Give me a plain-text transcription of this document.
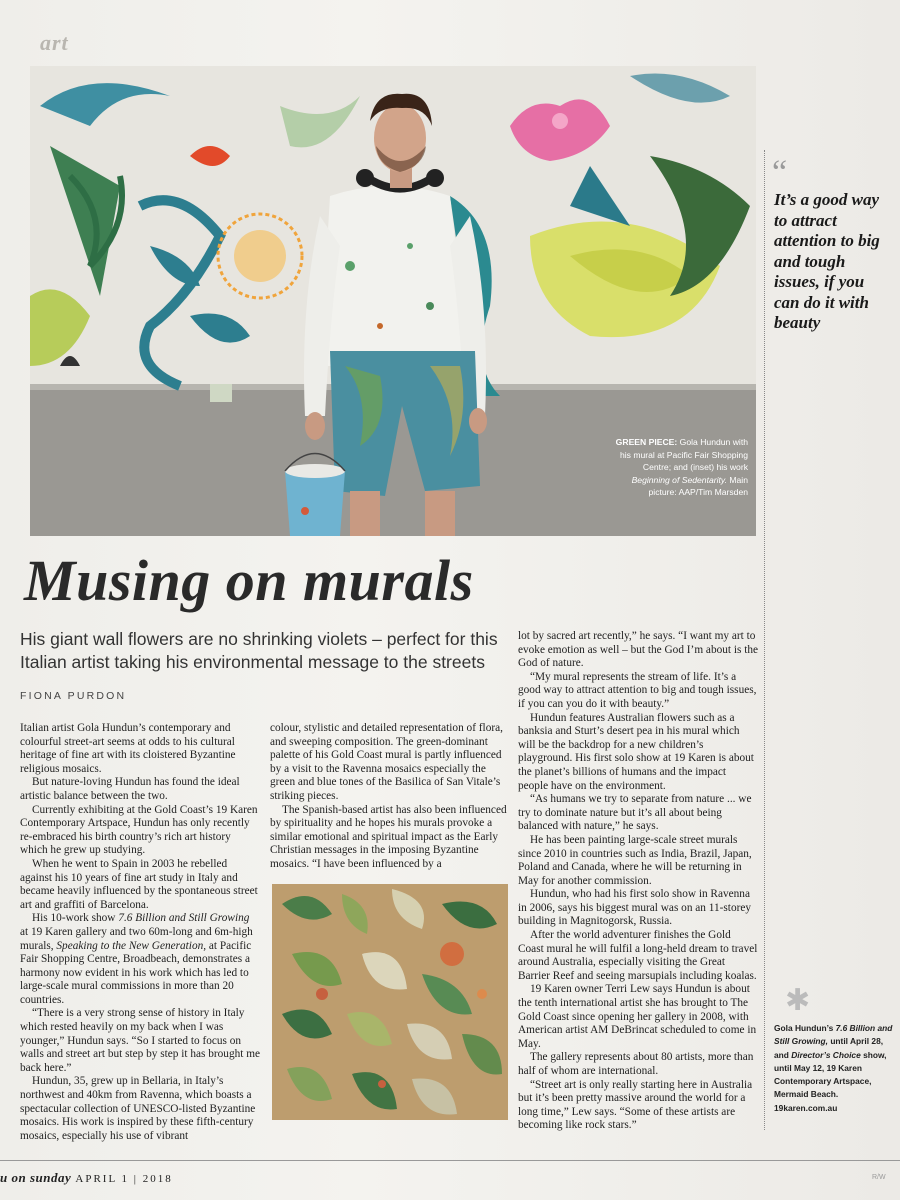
art
GREEN PIECE: Gola Hundun with his mural at Pacific Fair Shopping Centre; and (inset) his work Beginning of Sedentarity. Main picture: AAP/Tim Marsden
“
It’s a good way to attract attention to big and tough issues, if you can do it with beauty
✱
Gola Hundun’s 7.6 Billion and Still Growing, until April 28, and Director’s Choice show, until May 12, 19 Karen Contemporary Artspace, Mermaid Beach. 19karen.com.au
Musing on murals
His giant wall flowers are no shrinking violets – perfect for this Italian artist taking his environmental message to the streets
FIONA PURDON

Italian artist Gola Hundun’s contemporary and colourful street-art seems at odds to his cultural heritage of fine art with its cloistered Byzantine religious mosaics.

But nature-loving Hundun has found the ideal artistic balance between the two.

Currently exhibiting at the Gold Coast’s 19 Karen Contemporary Artspace, Hundun has only recently re-embraced his birth country’s rich art history which he grew up studying.

When he went to Spain in 2003 he rebelled against his 10 years of fine art study in Italy and became heavily influenced by the spontaneous street art and graffiti of Barcelona.

His 10-work show 7.6 Billion and Still Growing at 19 Karen gallery and two 60m-long and 6m-high murals, Speaking to the New Generation, at Pacific Fair Shopping Centre, Broadbeach, demonstrates a harmony now evident in his work which has led to large-scale mural commissions in more than 20 countries.

“There is a very strong sense of history in Italy which rested heavily on my back when I was younger,” Hundun says. “So I started to focus on walls and street art but step by step it has brought me back here.”

Hundun, 35, grew up in Bellaria, in Italy’s northwest and 40km from Ravenna, which boasts a spectacular collection of UNESCO-listed Byzantine mosaics. His work is inspired by these fifth-century mosaics, especially his use of vibrant

colour, stylistic and detailed representation of flora, and sweeping composition. The green-dominant palette of his Gold Coast mural is partly influenced by a visit to the Ravenna mosaics especially the green and blue tones of the Basilica of San Vitale’s striking pieces.

The Spanish-based artist has also been influenced by spirituality and he hopes his murals provoke a similar emotional and spiritual impact as the Early Christian messages in the imposing Byzantine mosaics. “I have been influenced by a

lot by sacred art recently,” he says. “I want my art to evoke emotion as well – but the God I’m about is the God of nature.

“My mural represents the stream of life. It’s a good way to attract attention to big and tough issues, if you can you do it with beauty.”

Hundun features Australian flowers such as a banksia and Sturt’s desert pea in his mural which will be the backdrop for a new children’s playground. His first solo show at 19 Karen is about the planet’s billions of humans and the impact people have on the environment.

“As humans we try to separate from nature ... we try to dominate nature but it’s all about being balanced with nature,” he says.

He has been painting large-scale street murals since 2010 in countries such as India, Brazil, Japan, Poland and Canada, where he will be returning in May for another commission.

Hundun, who had his first solo show in Ravenna in 2006, says his biggest mural was on an 11-storey building in Magnitogorsk, Russia.

After the world adventurer finishes the Gold Coast mural he will fulfil a long-held dream to travel around Australia, especially visiting the Great Barrier Reef and seeing marsupials including koalas.

19 Karen owner Terri Lew says Hundun is about the tenth international artist she has brought to The Gold Coast since opening her gallery in 2008, with American artist AM DeBrincat scheduled to come in May.

The gallery represents about 80 artists, more than half of whom are international.

“Street art is only really starting here in Australia but it’s been pretty massive around the world for a long time,” Lew says. “Some of these artists are becoming like rock stars.”

u on sunday APRIL 1 | 2018	R/W
